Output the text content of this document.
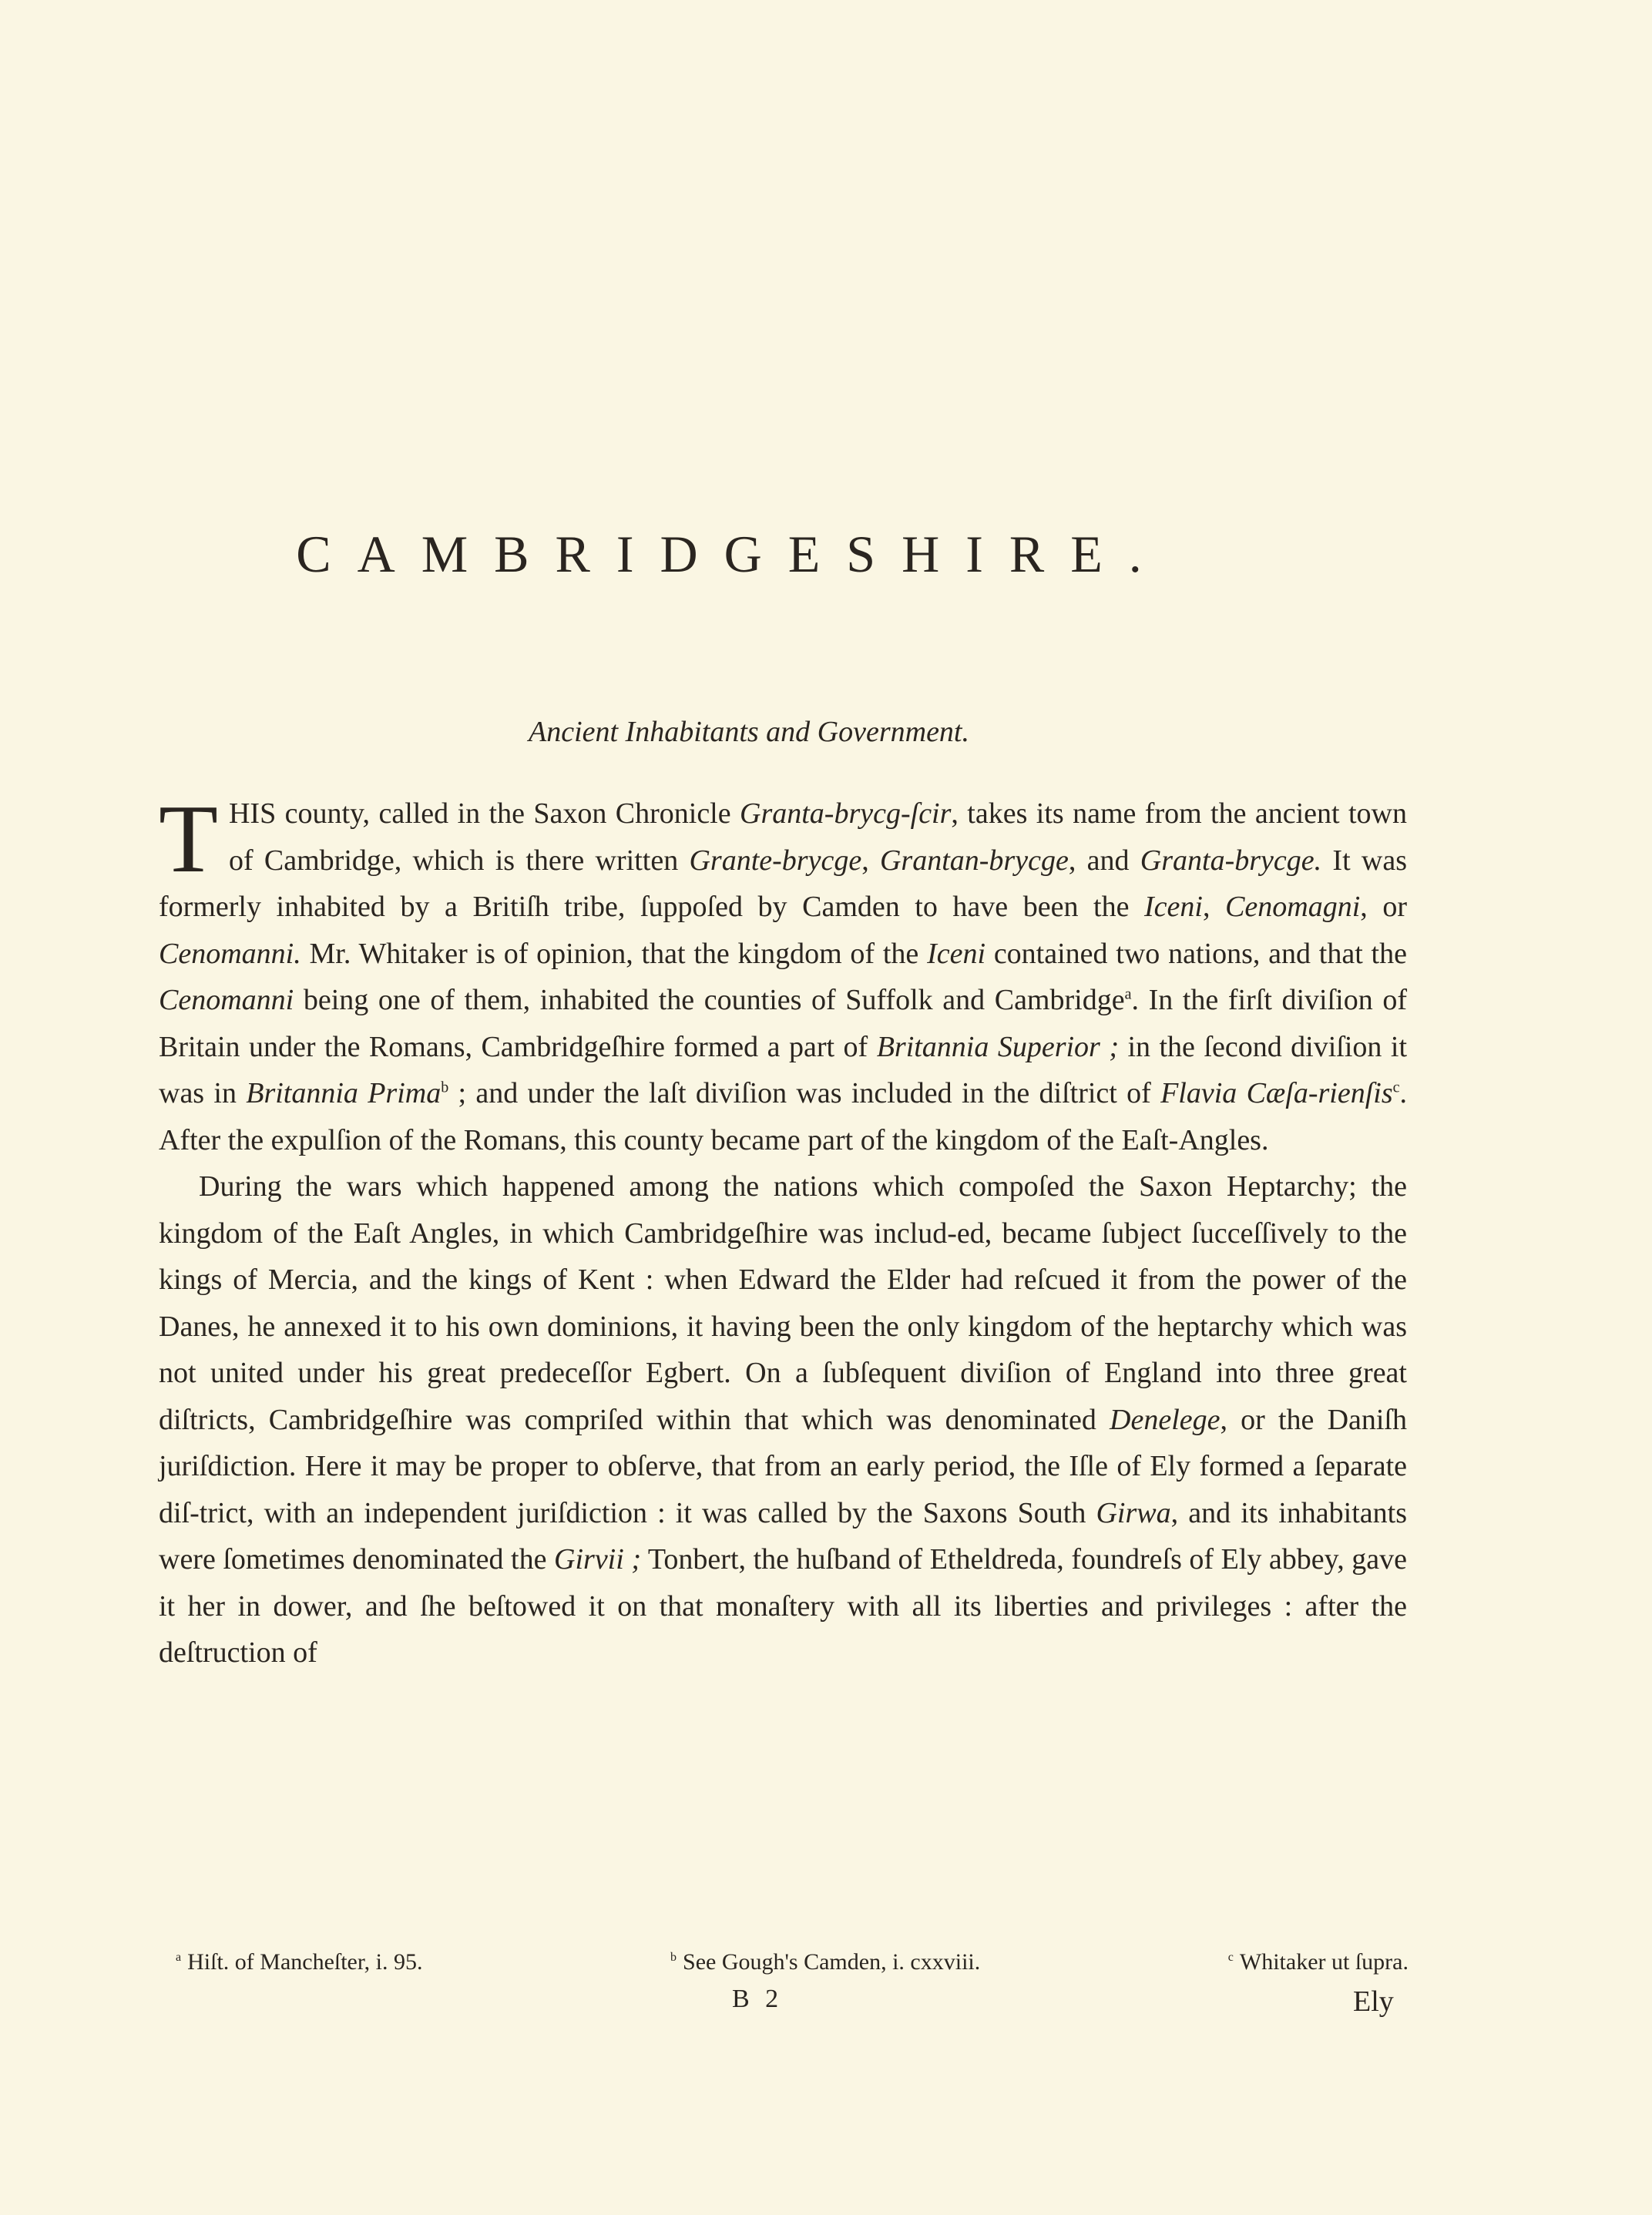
CAMBRIDGESHIRE.
Ancient Inhabitants and Government.

THIS county, called in the Saxon Chronicle Granta-brycg-ſcir, takes its name from the ancient town of Cambridge, which is there written Grante-brycge, Grantan-brycge, and Granta-brycge. It was formerly inhabited by a Britiſh tribe, ſuppoſed by Camden to have been the Iceni, Cenomagni, or Cenomanni. Mr. Whitaker is of opinion, that the kingdom of the Iceni contained two nations, and that the Cenomanni being one of them, inhabited the counties of Suffolk and Cambridge$^a$. In the firſt diviſion of Britain under the Romans, Cambridgeſhire formed a part of Britannia Superior ; in the ſecond diviſion it was in Britannia Prima$^b$ ; and under the laſt diviſion was included in the diſtrict of Flavia Cæſa-rienſis$^c$. After the expulſion of the Romans, this county became part of the kingdom of the Eaſt-Angles.

During the wars which happened among the nations which compoſed the Saxon Heptarchy; the kingdom of the Eaſt Angles, in which Cambridgeſhire was includ-ed, became ſubject ſucceſſively to the kings of Mercia, and the kings of Kent : when Edward the Elder had reſcued it from the power of the Danes, he annexed it to his own dominions, it having been the only kingdom of the heptarchy which was not united under his great predeceſſor Egbert. On a ſubſequent diviſion of England into three great diſtricts, Cambridgeſhire was compriſed within that which was denominated Denelege, or the Daniſh juriſdiction. Here it may be proper to obſerve, that from an early period, the Iſle of Ely formed a ſeparate diſ-trict, with an independent juriſdiction : it was called by the Saxons South Girwa, and its inhabitants were ſometimes denominated the Girvii ; Tonbert, the huſband of Etheldreda, foundreſs of Ely abbey, gave it her in dower, and ſhe beſtowed it on that monaſtery with all its liberties and privileges : after the deſtruction of

$^a$ Hiſt. of Mancheſter, i. 95.	$^b$ See Gough's Camden, i. cxxviii.	$^c$ Whitaker ut ſupra.
B 2	Ely
